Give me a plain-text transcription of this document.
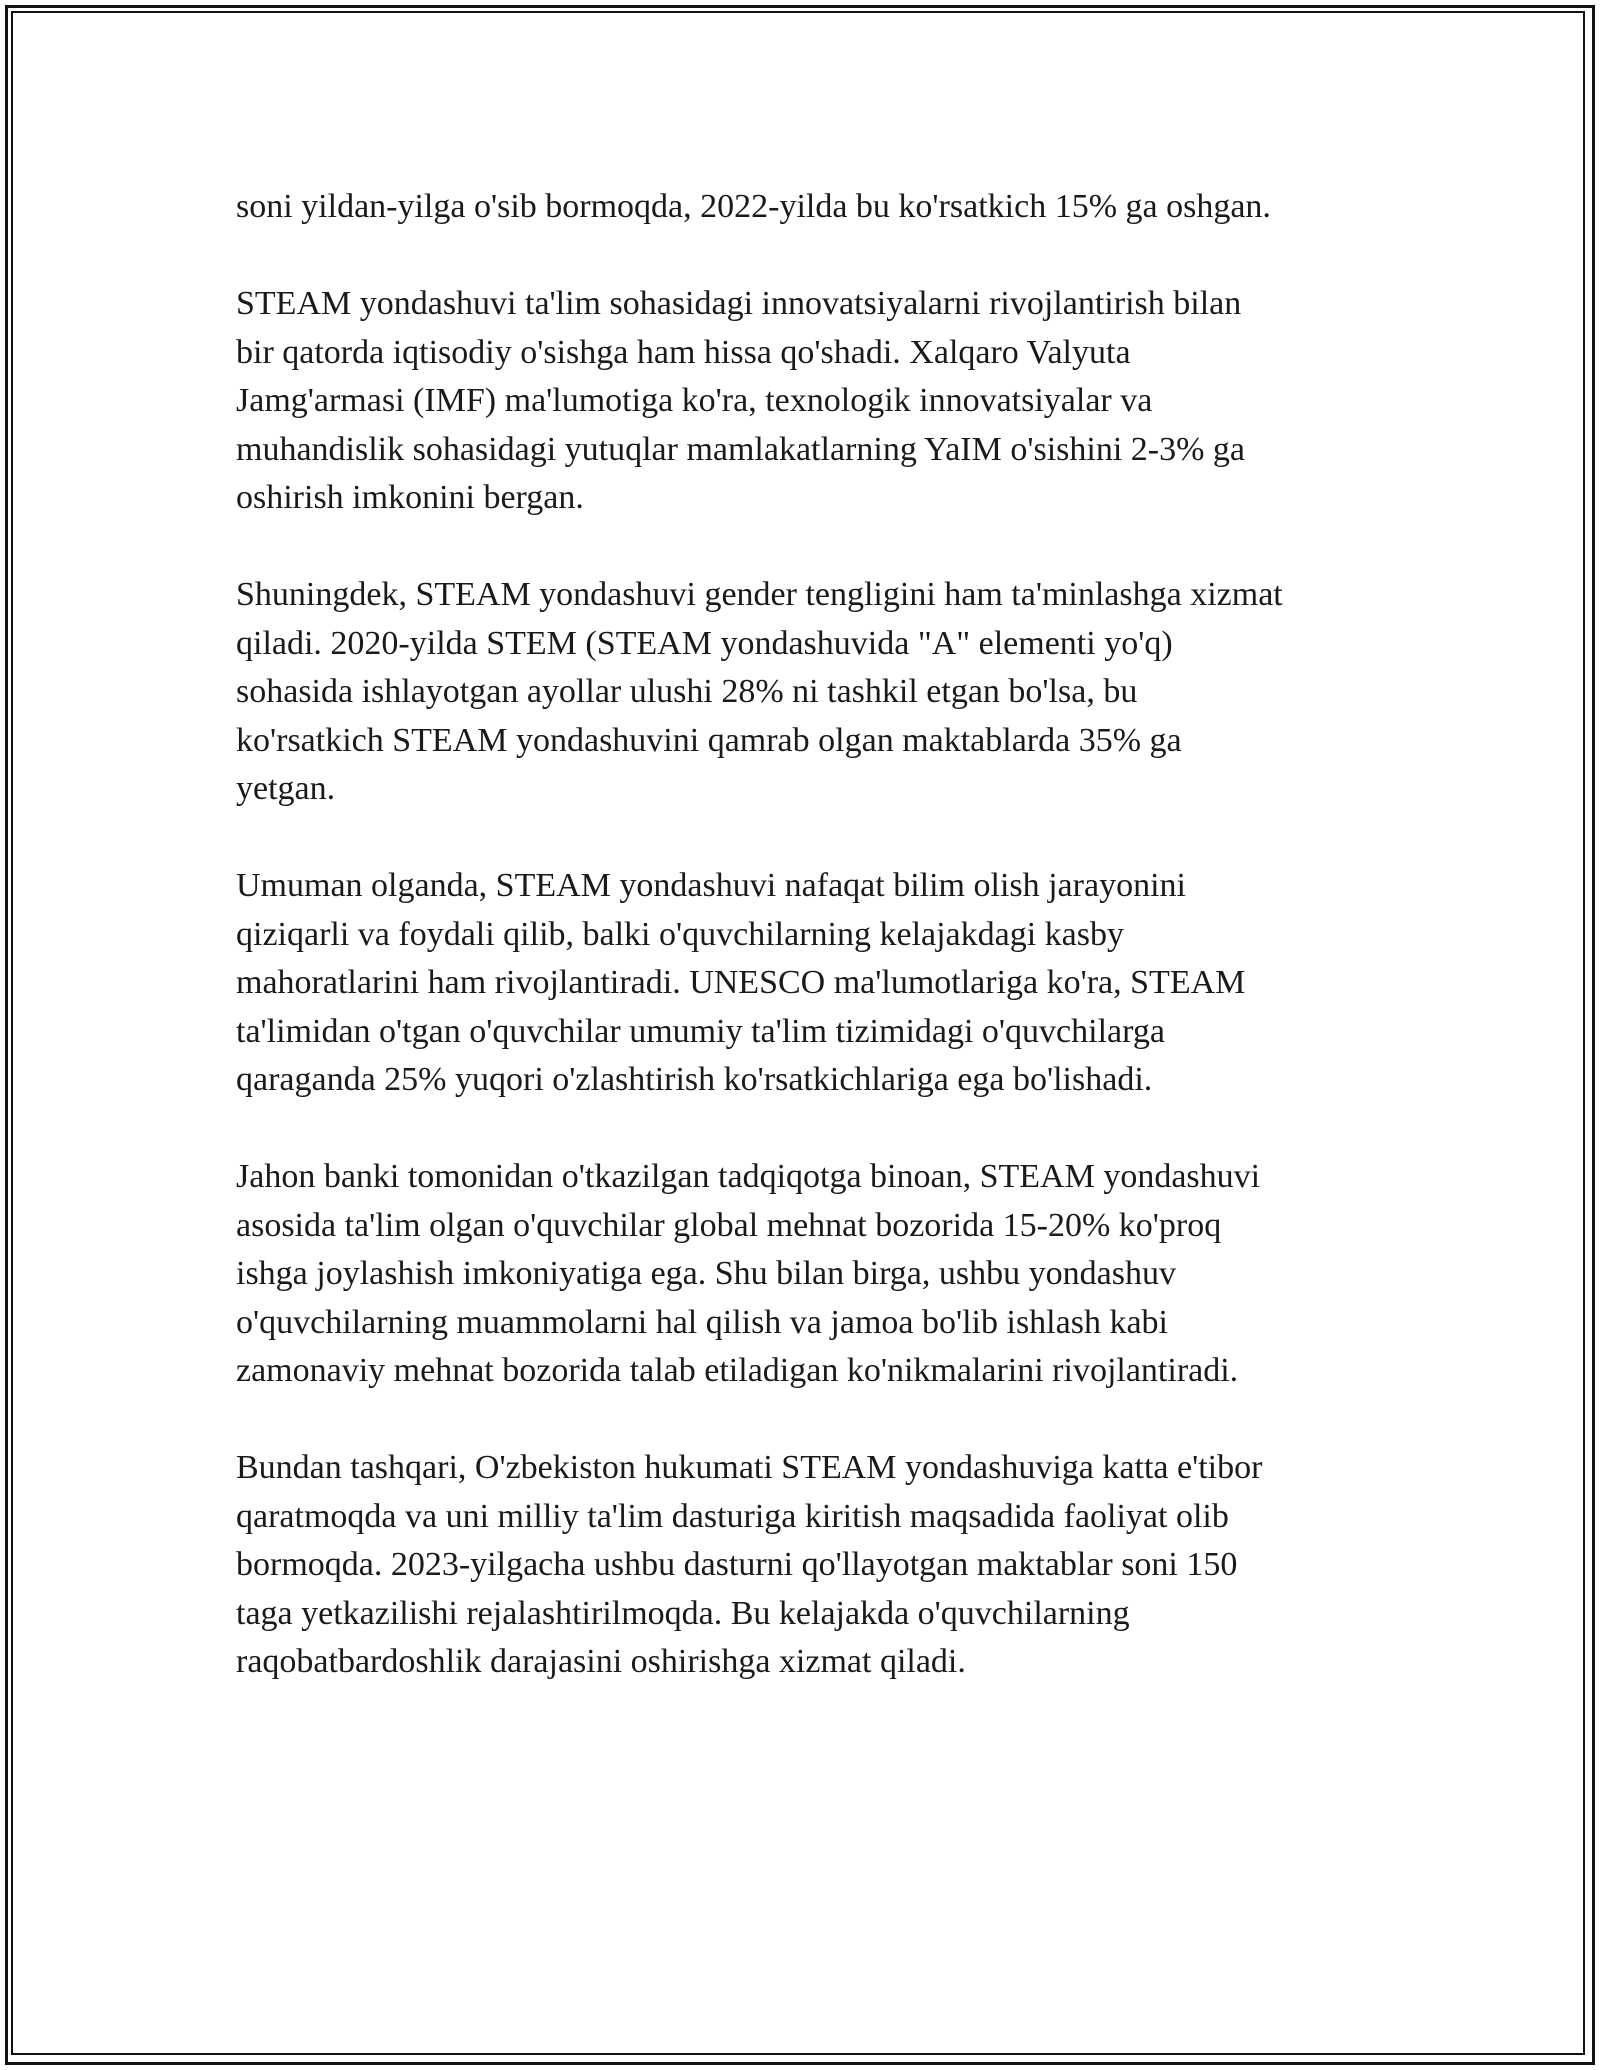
soni yildan-yilga o'sib bormoqda, 2022-yilda bu ko'rsatkich 15% ga oshgan.

STEAM yondashuvi ta'lim sohasidagi innovatsiyalarni rivojlantirish bilan
bir qatorda iqtisodiy o'sishga ham hissa qo'shadi. Xalqaro Valyuta
Jamg'armasi (IMF) ma'lumotiga ko'ra, texnologik innovatsiyalar va
muhandislik sohasidagi yutuqlar mamlakatlarning YaIM o'sishini 2-3% ga
oshirish imkonini bergan.

Shuningdek, STEAM yondashuvi gender tengligini ham ta'minlashga xizmat
qiladi. 2020-yilda STEM (STEAM yondashuvida "A" elementi yo'q)
sohasida ishlayotgan ayollar ulushi 28% ni tashkil etgan bo'lsa, bu
ko'rsatkich STEAM yondashuvini qamrab olgan maktablarda 35% ga
yetgan.

Umuman olganda, STEAM yondashuvi nafaqat bilim olish jarayonini
qiziqarli va foydali qilib, balki o'quvchilarning kelajakdagi kasby
mahoratlarini ham rivojlantiradi. UNESCO ma'lumotlariga ko'ra, STEAM
ta'limidan o'tgan o'quvchilar umumiy ta'lim tizimidagi o'quvchilarga
qaraganda 25% yuqori o'zlashtirish ko'rsatkichlariga ega bo'lishadi.

Jahon banki tomonidan o'tkazilgan tadqiqotga binoan, STEAM yondashuvi
asosida ta'lim olgan o'quvchilar global mehnat bozorida 15-20% ko'proq
ishga joylashish imkoniyatiga ega. Shu bilan birga, ushbu yondashuv
o'quvchilarning muammolarni hal qilish va jamoa bo'lib ishlash kabi
zamonaviy mehnat bozorida talab etiladigan ko'nikmalarini rivojlantiradi.

Bundan tashqari, O'zbekiston hukumati STEAM yondashuviga katta e'tibor
qaratmoqda va uni milliy ta'lim dasturiga kiritish maqsadida faoliyat olib
bormoqda. 2023-yilgacha ushbu dasturni qo'llayotgan maktablar soni 150
taga yetkazilishi rejalashtirilmoqda. Bu kelajakda o'quvchilarning
raqobatbardoshlik darajasini oshirishga xizmat qiladi.
